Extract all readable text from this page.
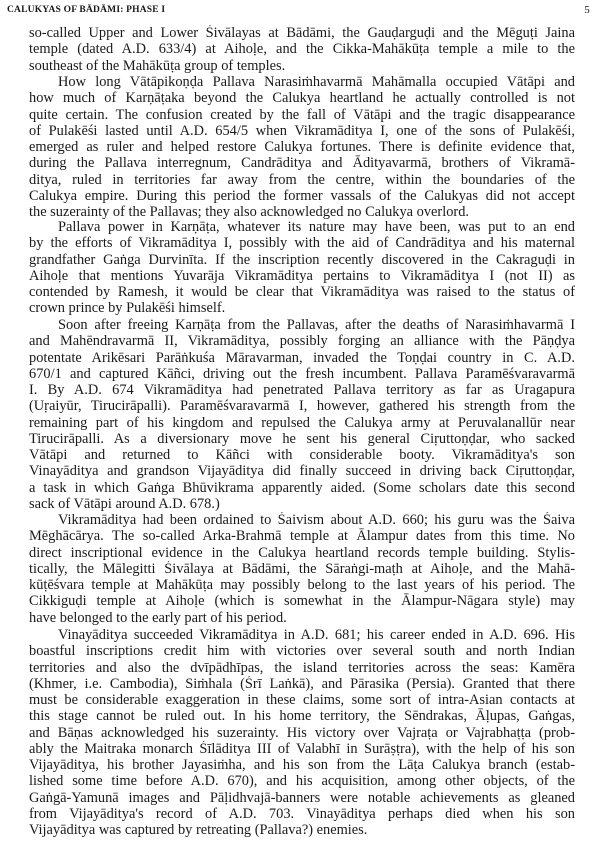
CALUKYAS OF BĀDĀMI: PHASE I	5
so-called Upper and Lower Śivālayas at Bādāmi, the Gauḍarguḍi and the Mēguṭi Jaina
temple (dated A.D. 633/4) at Aihoḷe, and the Cikka-Mahākūṭa temple a mile to the
southeast of the Mahākūṭa group of temples.
How long Vātāpikoṇḍa Pallava Narasiṁhavarmā Mahāmalla occupied Vātāpi and
how much of Karṇāṭaka beyond the Calukya heartland he actually controlled is not
quite certain. The confusion created by the fall of Vātāpi and the tragic disappearance
of Pulakēśi lasted until A.D. 654/5 when Vikramāditya I, one of the sons of Pulakēśi,
emerged as ruler and helped restore Calukya fortunes. There is definite evidence that,
during the Pallava interregnum, Candrāditya and Ādityavarmā, brothers of Vikramā-
ditya, ruled in territories far away from the centre, within the boundaries of the
Calukya empire. During this period the former vassals of the Calukyas did not accept
the suzerainty of the Pallavas; they also acknowledged no Calukya overlord.
Pallava power in Karṇāṭa, whatever its nature may have been, was put to an end
by the efforts of Vikramāditya I, possibly with the aid of Candrāditya and his maternal
grandfather Gaṅga Durvinīta. If the inscription recently discovered in the Cakraguḍi in
Aihoḷe that mentions Yuvarāja Vikramāditya pertains to Vikramāditya I (not II) as
contended by Ramesh, it would be clear that Vikramāditya was raised to the status of
crown prince by Pulakēśi himself.
Soon after freeing Karṇāṭa from the Pallavas, after the deaths of Narasiṁhavarmā I
and Mahēndravarmā II, Vikramāditya, possibly forging an alliance with the Pāṇḍya
potentate Arikēsari Parāṅkuśa Māravarman, invaded the Toṇḍai country in C. A.D.
670/1 and captured Kāñci, driving out the fresh incumbent. Pallava Paramēśvaravarmā
I. By A.D. 674 Vikramāditya had penetrated Pallava territory as far as Uragapura
(Uṛaiyūr, Tirucirāpalli). Paramēśvaravarmā I, however, gathered his strength from the
remaining part of his kingdom and repulsed the Calukya army at Peruvalanallūr near
Tirucirāpalli. As a diversionary move he sent his general Ciṛuttoṇḍar, who sacked
Vātāpi and returned to Kāñci with considerable booty. Vikramāditya's son
Vinayāditya and grandson Vijayāditya did finally succeed in driving back Ciṛuttoṇḍar,
a task in which Gaṅga Bhūvikrama apparently aided. (Some scholars date this second
sack of Vātāpi around A.D. 678.)
Vikramāditya had been ordained to Śaivism about A.D. 660; his guru was the Śaiva
Mēghācārya. The so-called Arka-Brahmā temple at Ālampur dates from this time. No
direct inscriptional evidence in the Calukya heartland records temple building. Stylis-
tically, the Mālegitti Śivālaya at Bādāmi, the Sāraṅgi-maṭh at Aihoḷe, and the Mahā-
kūṭēśvara temple at Mahākūṭa may possibly belong to the last years of his period. The
Cikkiguḍi temple at Aihoḷe (which is somewhat in the Ālampur-Nāgara style) may
have belonged to the early part of his period.
Vinayāditya succeeded Vikramāditya in A.D. 681; his career ended in A.D. 696. His
boastful inscriptions credit him with victories over several south and north Indian
territories and also the dvīpādhīpas, the island territories across the seas: Kamēra
(Khmer, i.e. Cambodia), Siṁhala (Śrī Laṅkā), and Pārasika (Persia). Granted that there
must be considerable exaggeration in these claims, some sort of intra-Asian contacts at
this stage cannot be ruled out. In his home territory, the Sēndrakas, Āḷupas, Gaṅgas,
and Bāṇas acknowledged his suzerainty. His victory over Vajraṭa or Vajrabhaṭṭa (prob-
ably the Maitraka monarch Śīlāditya III of Valabhī in Surāṣṭra), with the help of his son
Vijayāditya, his brother Jayasiṁha, and his son from the Lāṭa Calukya branch (estab-
lished some time before A.D. 670), and his acquisition, among other objects, of the
Gaṅgā-Yamunā images and Pāḷidhvajā-banners were notable achievements as gleaned
from Vijayāditya's record of A.D. 703. Vinayāditya perhaps died when his son
Vijayāditya was captured by retreating (Pallava?) enemies.
